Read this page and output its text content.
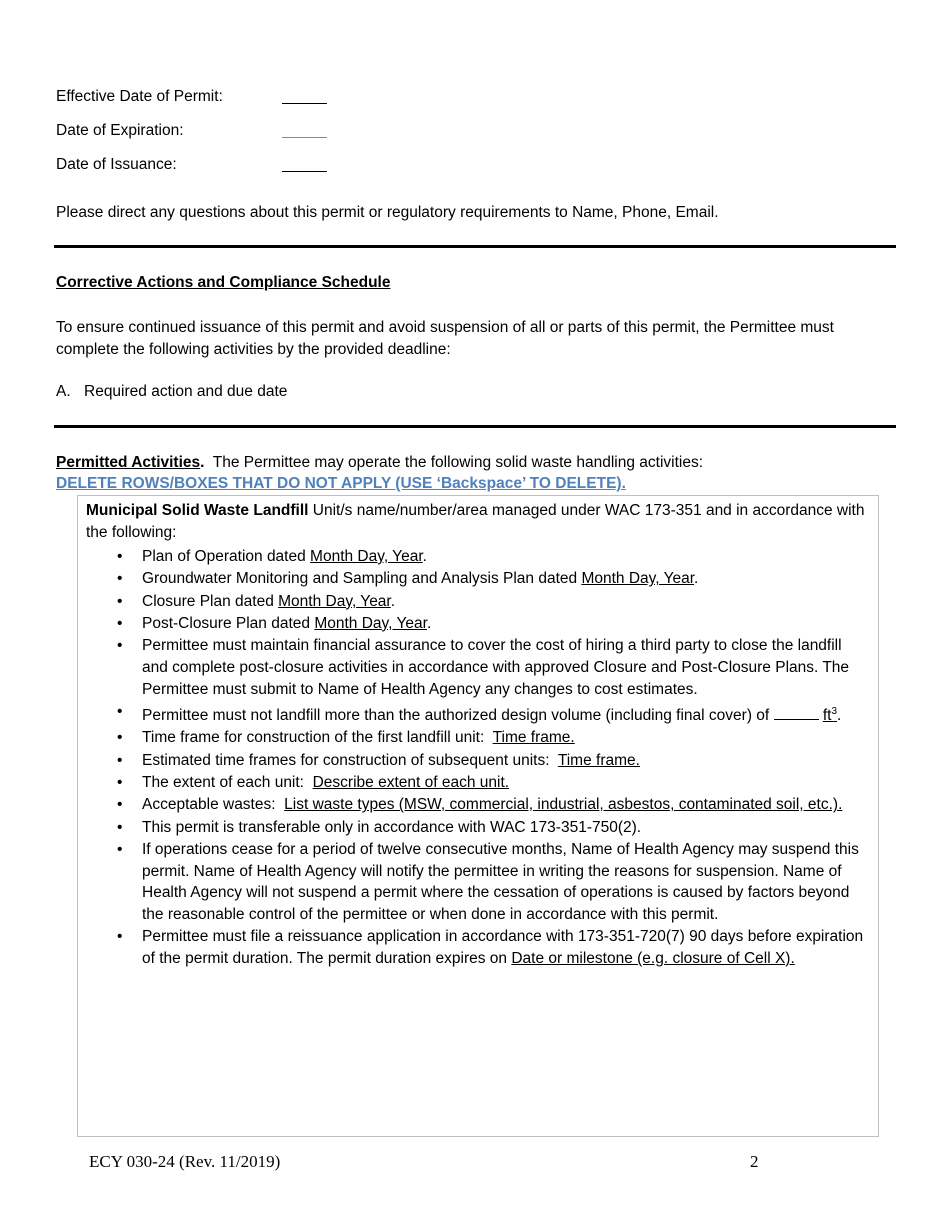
Effective Date of Permit:
Date of Expiration:
Date of Issuance:
Please direct any questions about this permit or regulatory requirements to Name, Phone, Email.
Corrective Actions and Compliance Schedule
To ensure continued issuance of this permit and avoid suspension of all or parts of this permit, the Permittee must complete the following activities by the provided deadline:
A. Required action and due date
Permitted Activities.  The Permittee may operate the following solid waste handling activities:
DELETE ROWS/BOXES THAT DO NOT APPLY (USE ‘Backspace’ TO DELETE).
Municipal Solid Waste Landfill Unit/s name/number/area managed under WAC 173-351 and in accordance with the following:
• Plan of Operation dated Month Day, Year.
• Groundwater Monitoring and Sampling and Analysis Plan dated Month Day, Year.
• Closure Plan dated Month Day, Year.
• Post-Closure Plan dated Month Day, Year.
• Permittee must maintain financial assurance to cover the cost of hiring a third party to close the landfill and complete post-closure activities in accordance with approved Closure and Post-Closure Plans. The Permittee must submit to Name of Health Agency any changes to cost estimates.
• Permittee must not landfill more than the authorized design volume (including final cover) of	$ft^3$.
• Time frame for construction of the first landfill unit:  Time frame.
• Estimated time frames for construction of subsequent units:  Time frame.
• The extent of each unit:  Describe extent of each unit.
• Acceptable wastes:  List waste types (MSW, commercial, industrial, asbestos, contaminated soil, etc.).
• This permit is transferable only in accordance with WAC 173-351-750(2).
• If operations cease for a period of twelve consecutive months, Name of Health Agency may suspend this permit. Name of Health Agency will notify the permittee in writing the reasons for suspension. Name of Health Agency will not suspend a permit where the cessation of operations is caused by factors beyond the reasonable control of the permittee or when done in accordance with this permit.
• Permittee must file a reissuance application in accordance with 173-351-720(7) 90 days before expiration of the permit duration. The permit duration expires on Date or milestone (e.g. closure of Cell X).
ECY 030-24 (Rev. 11/2019)	2
